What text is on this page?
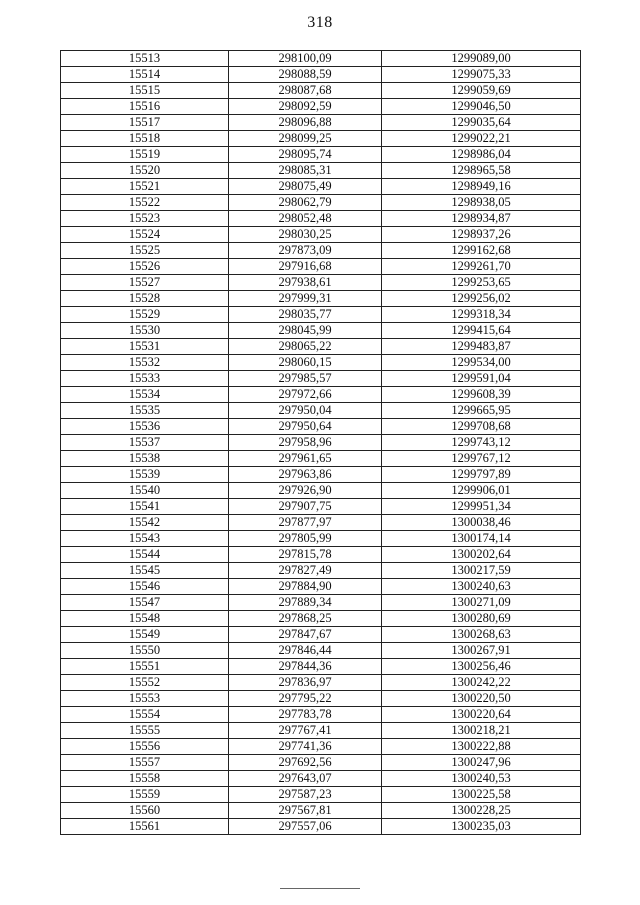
318
15513	298100,09	1299089,00
15514	298088,59	1299075,33
15515	298087,68	1299059,69
15516	298092,59	1299046,50
15517	298096,88	1299035,64
15518	298099,25	1299022,21
15519	298095,74	1298986,04
15520	298085,31	1298965,58
15521	298075,49	1298949,16
15522	298062,79	1298938,05
15523	298052,48	1298934,87
15524	298030,25	1298937,26
15525	297873,09	1299162,68
15526	297916,68	1299261,70
15527	297938,61	1299253,65
15528	297999,31	1299256,02
15529	298035,77	1299318,34
15530	298045,99	1299415,64
15531	298065,22	1299483,87
15532	298060,15	1299534,00
15533	297985,57	1299591,04
15534	297972,66	1299608,39
15535	297950,04	1299665,95
15536	297950,64	1299708,68
15537	297958,96	1299743,12
15538	297961,65	1299767,12
15539	297963,86	1299797,89
15540	297926,90	1299906,01
15541	297907,75	1299951,34
15542	297877,97	1300038,46
15543	297805,99	1300174,14
15544	297815,78	1300202,64
15545	297827,49	1300217,59
15546	297884,90	1300240,63
15547	297889,34	1300271,09
15548	297868,25	1300280,69
15549	297847,67	1300268,63
15550	297846,44	1300267,91
15551	297844,36	1300256,46
15552	297836,97	1300242,22
15553	297795,22	1300220,50
15554	297783,78	1300220,64
15555	297767,41	1300218,21
15556	297741,36	1300222,88
15557	297692,56	1300247,96
15558	297643,07	1300240,53
15559	297587,23	1300225,58
15560	297567,81	1300228,25
15561	297557,06	1300235,03
